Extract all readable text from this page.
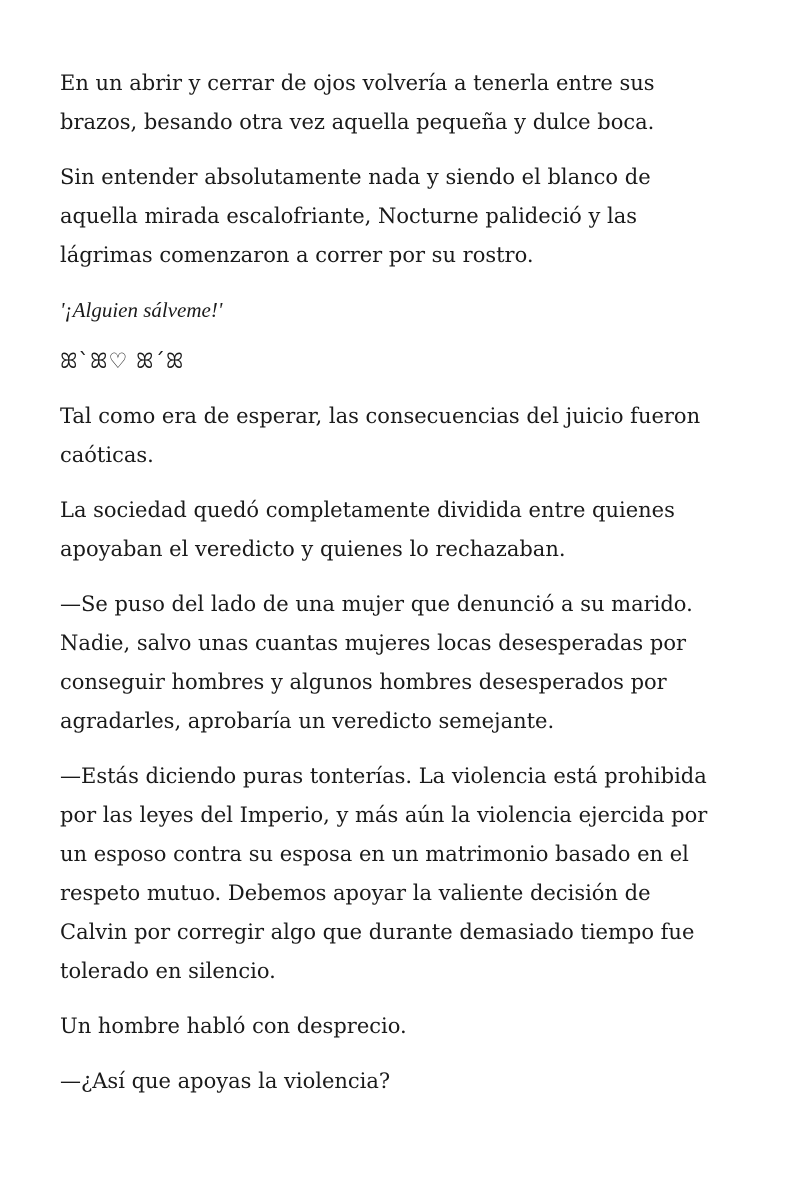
En un abrir y cerrar de ojos volvería a tenerla entre sus
brazos, besando otra vez aquella pequeña y dulce boca.

Sin entender absolutamente nada y siendo el blanco de
aquella mirada escalofriante, Nocturne palideció y las
lágrimas comenzaron a correr por su rostro.

'¡Alguien sálveme!'

ꕤ`ꕤ♡ ꕤ´ꕤ

Tal como era de esperar, las consecuencias del juicio fueron
caóticas.

La sociedad quedó completamente dividida entre quienes
apoyaban el veredicto y quienes lo rechazaban.

—Se puso del lado de una mujer que denunció a su marido.
Nadie, salvo unas cuantas mujeres locas desesperadas por
conseguir hombres y algunos hombres desesperados por
agradarles, aprobaría un veredicto semejante.

—Estás diciendo puras tonterías. La violencia está prohibida
por las leyes del Imperio, y más aún la violencia ejercida por
un esposo contra su esposa en un matrimonio basado en el
respeto mutuo. Debemos apoyar la valiente decisión de
Calvin por corregir algo que durante demasiado tiempo fue
tolerado en silencio.

Un hombre habló con desprecio.

—¿Así que apoyas la violencia?
